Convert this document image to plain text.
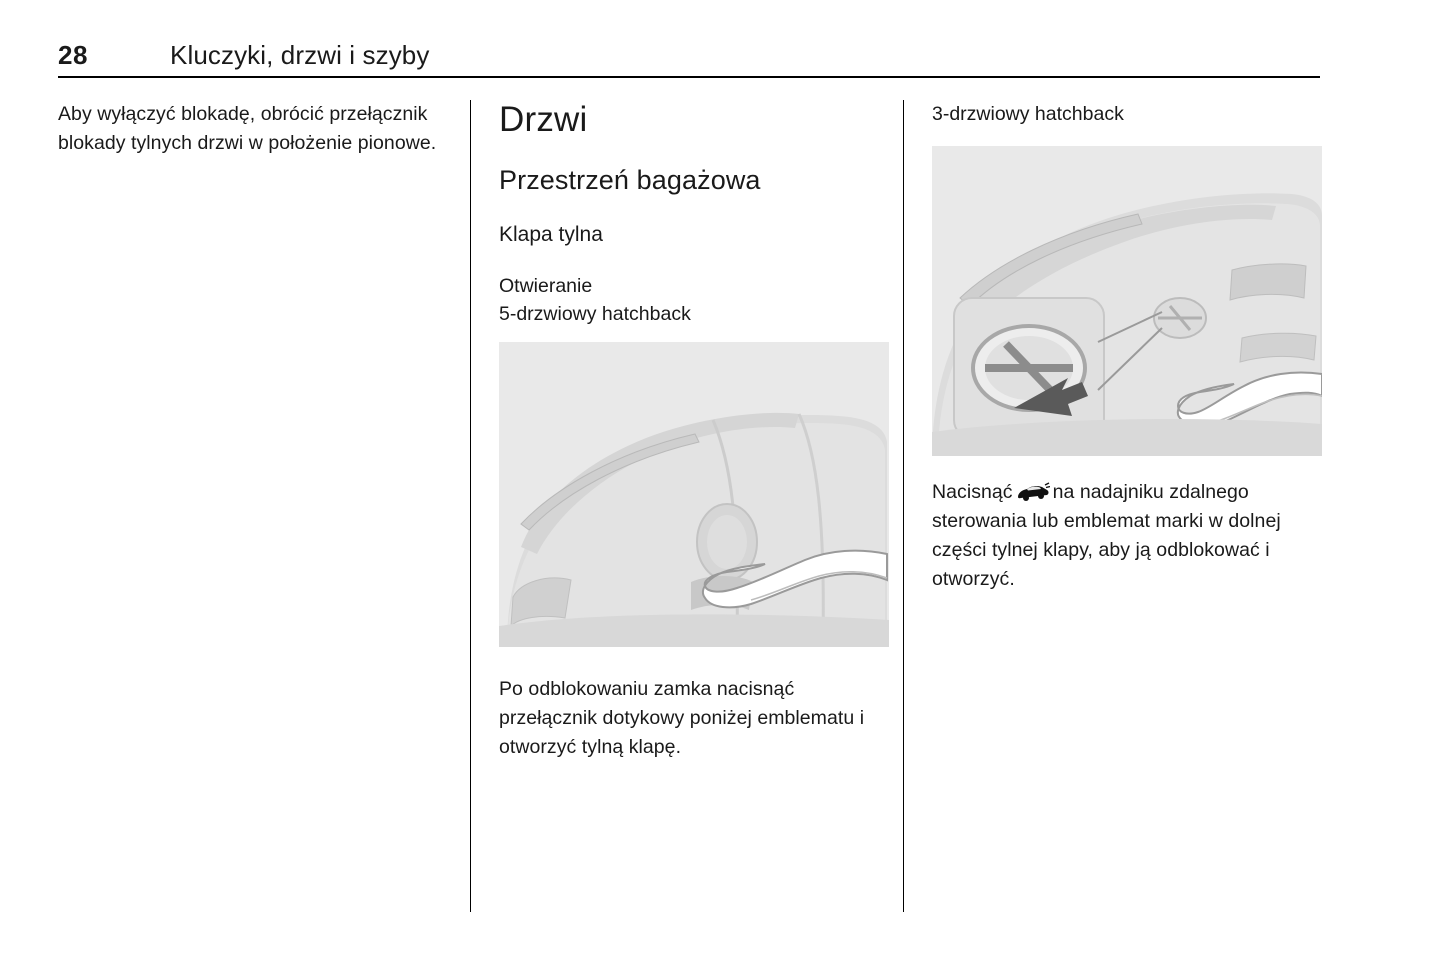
28	Kluczyki, drzwi i szyby

Aby wyłączyć blokadę, obrócić przełącznik blokady tylnych drzwi w położenie pionowe.

Drzwi
Przestrzeń bagażowa
Klapa tylna

Otwieranie

5-drzwiowy hatchback

Po odblokowaniu zamka nacisnąć przełącznik dotykowy poniżej emblematu i otworzyć tylną klapę.

3-drzwiowy hatchback

Nacisnąć na nadajniku zdalnego sterowania lub emblemat marki w dolnej części tylnej klapy, aby ją odblokować i otworzyć.
